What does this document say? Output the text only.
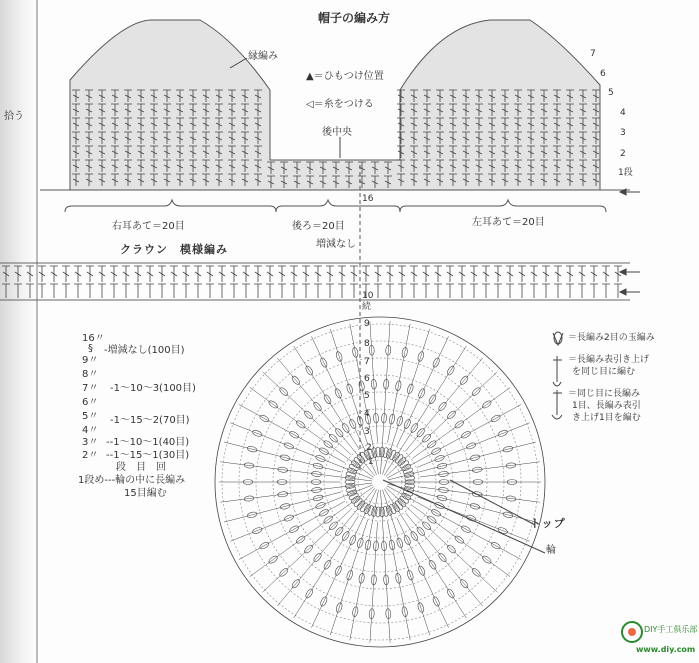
帽子の編み方
縁編み
▲＝ひもつけ位置
◁＝糸をつける
後中央
拾う
右耳あて＝20目	後ろ＝20目	左耳あて＝20目
クラウン　模様編み	増減なし
7
6
5
4
3
2
1段
16
10
続
9
8
7
6
5
4
3
2
1
16〃
§
9〃
‐増減なし(100目)
8〃
7〃 ‐1〜10〜3(100目)
6〃
5〃 ‐1〜15〜2(70目)
4〃
3〃 ‐‐1〜10〜1(40目)
2〃 ‐‐1〜15〜1(30目)
段　目　回
1段め‐‐‐輪の中に長編み
15目編む
＝長編み2目の玉編み
＝長編み表引き上げ
を同じ目に編む
＝同じ目に長編み
1目、長編み表引
き上げ1目を編む
トップ
輪
DIY手工俱乐部
www.diy.com
